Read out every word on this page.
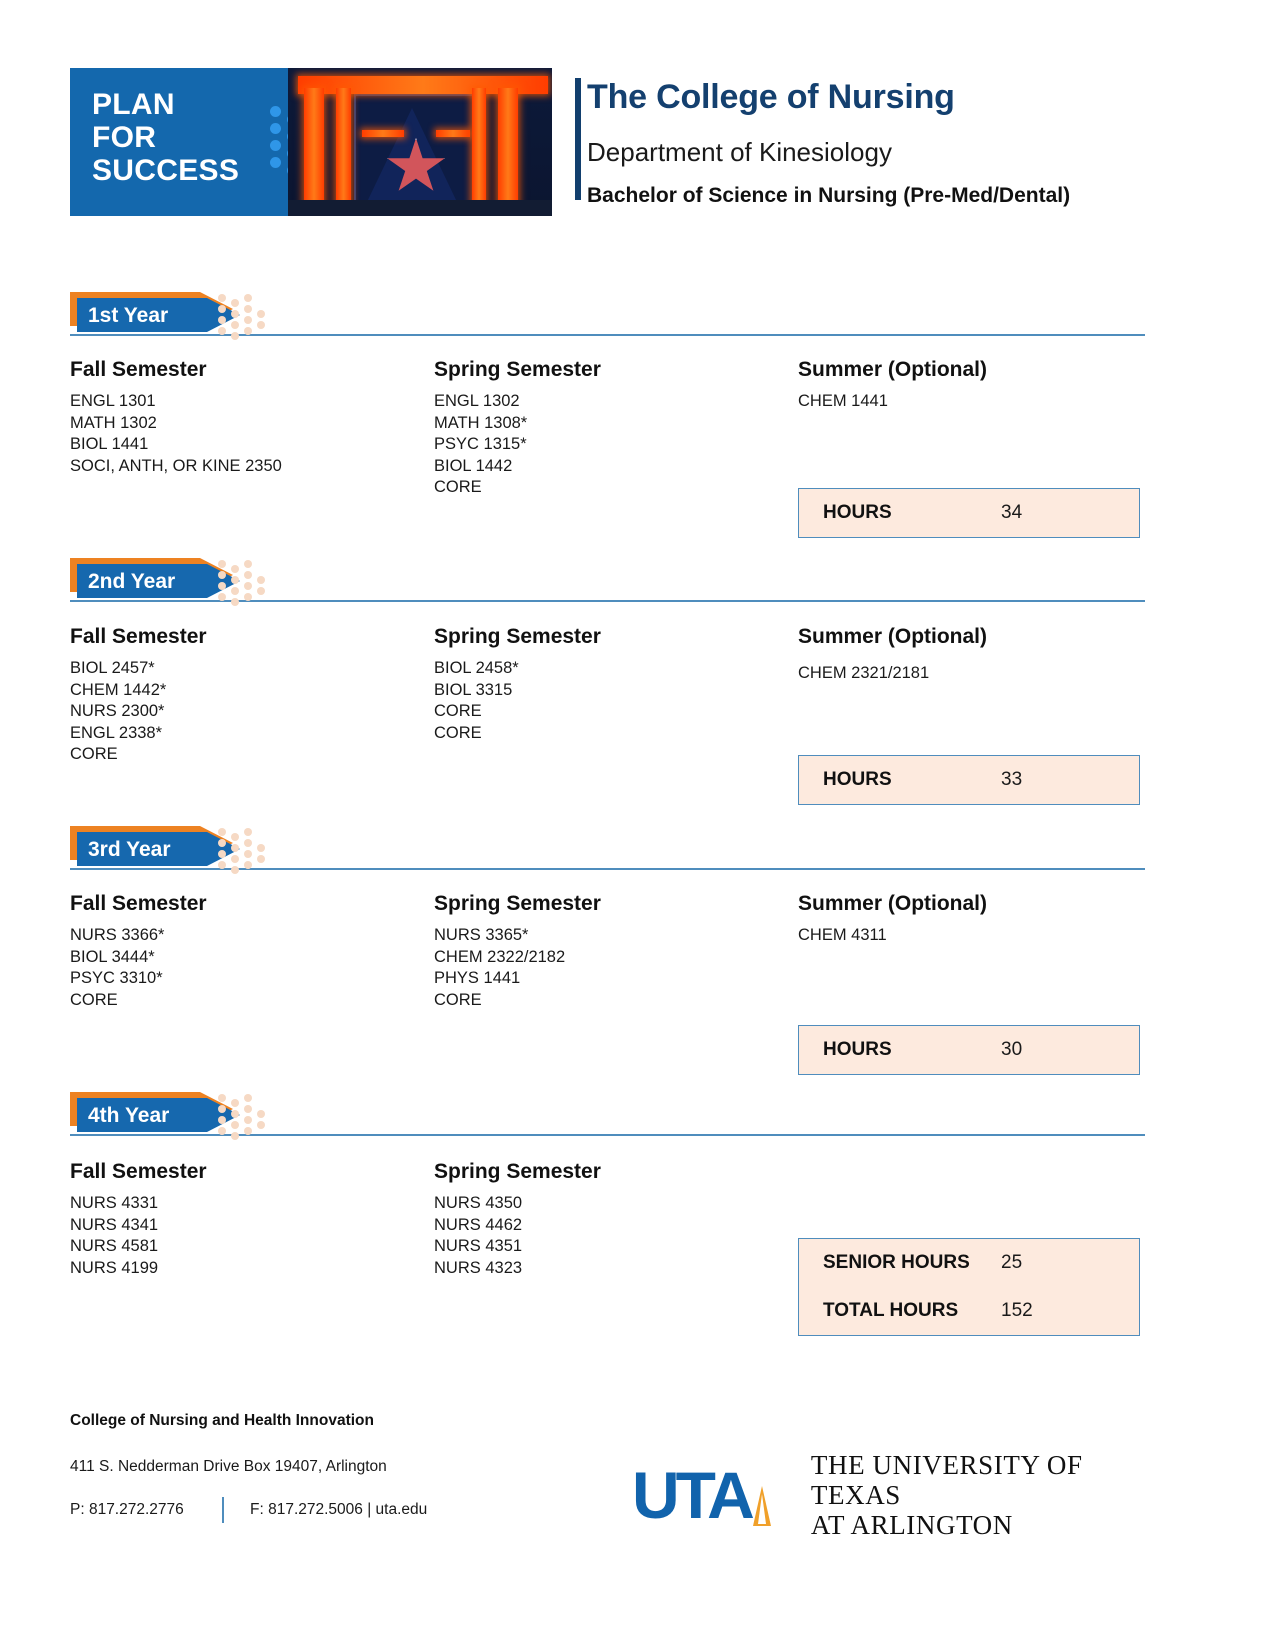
PLAN
FOR
SUCCESS
The College of Nursing
Department of Kinesiology
Bachelor of Science in Nursing (Pre-Med/Dental)
1st Year
Fall Semester
ENGL 1301
MATH 1302
BIOL 1441
SOCI, ANTH, OR KINE 2350
Spring Semester
ENGL 1302
MATH 1308*
PSYC 1315*
BIOL 1442
CORE
Summer (Optional)
CHEM 1441
HOURS	34
2nd Year
Fall Semester
BIOL 2457*
CHEM 1442*
NURS 2300*
ENGL 2338*
CORE
Spring Semester
BIOL 2458*
BIOL 3315
CORE
CORE
Summer (Optional)
CHEM 2321/2181
HOURS	33
3rd Year
Fall Semester
NURS 3366*
BIOL 3444*
PSYC 3310*
CORE
Spring Semester
NURS 3365*
CHEM 2322/2182
PHYS 1441
CORE
Summer (Optional)
CHEM 4311
HOURS	30
4th Year
Fall Semester
NURS 4331
NURS 4341
NURS 4581
NURS 4199
Spring Semester
NURS 4350
NURS 4462
NURS 4351
NURS 4323	SENIOR HOURS	25
TOTAL HOURS	152
College of Nursing and Health Innovation
411 S. Nedderman Drive Box 19407, Arlington
P: 817.272.2776	F: 817.272.5006 | uta.edu	UTA THE UNIVERSITY OF TEXAS
AT ARLINGTON
